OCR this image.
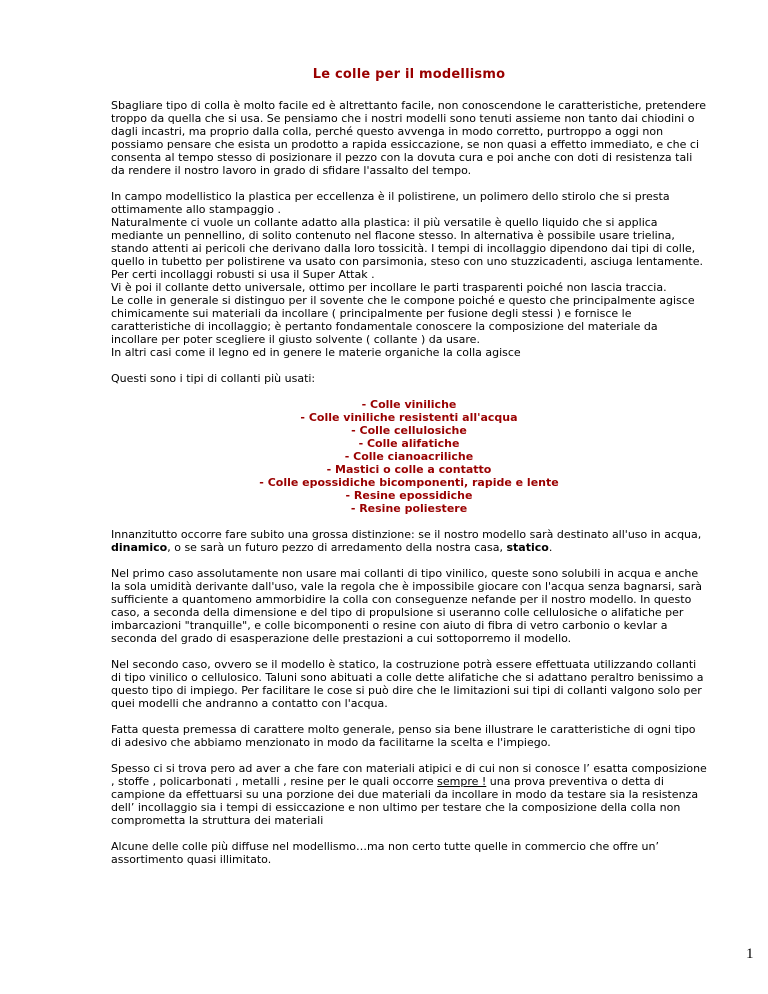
Le colle per il modellismo

Sbagliare tipo di colla è molto facile ed è altrettanto facile, non conoscendone le caratteristiche, pretendere troppo da quella che si usa. Se pensiamo che i nostri modelli sono tenuti assieme non tanto dai chiodini o dagli incastri, ma proprio dalla colla, perché questo avvenga in modo corretto, purtroppo a oggi non possiamo pensare che esista un prodotto a rapida essiccazione, se non quasi a effetto immediato, e che ci consenta al tempo stesso di posizionare il pezzo con la dovuta cura e poi anche con doti di resistenza tali da rendere il nostro lavoro in grado di sfidare l'assalto del tempo.

In campo modellistico la plastica per eccellenza è il polistirene, un polimero dello stirolo che si presta ottimamente allo stampaggio .
Naturalmente ci vuole un collante adatto alla plastica: il più versatile è quello liquido che si applica mediante un pennellino, di solito contenuto nel flacone stesso. In alternativa è possibile usare trielina, stando attenti ai pericoli che derivano dalla loro tossicità. I tempi di incollaggio dipendono dai tipi di colle, quello in tubetto per polistirene va usato con parsimonia, steso con uno stuzzicadenti, asciuga lentamente.
Per certi incollaggi robusti si usa il Super Attak .
Vi è poi il collante detto universale, ottimo per incollare le parti trasparenti poiché non lascia traccia.
Le colle in generale si distinguo per il sovente che le compone poiché e questo che principalmente agisce chimicamente sui materiali da incollare ( principalmente per fusione degli stessi ) e fornisce le caratteristiche di incollaggio; è pertanto fondamentale conoscere la composizione del materiale da incollare per poter scegliere il giusto solvente ( collante ) da usare.
In altri casi come il legno ed in genere le materie organiche la colla agisce

Questi sono i tipi di collanti più usati:

- Colle viniliche
- Colle viniliche resistenti all'acqua
- Colle cellulosiche
- Colle alifatiche
- Colle cianoacriliche
- Mastici o colle a contatto
- Colle epossidiche bicomponenti, rapide e lente
- Resine epossidiche
- Resine poliestere

Innanzitutto occorre fare subito una grossa distinzione: se il nostro modello sarà destinato all'uso in acqua, dinamico, o se sarà un futuro pezzo di arredamento della nostra casa, statico.

Nel primo caso assolutamente non usare mai collanti di tipo vinilico, queste sono solubili in acqua e anche la sola umidità derivante dall'uso, vale la regola che è impossibile giocare con l'acqua senza bagnarsi, sarà sufficiente a quantomeno ammorbidire la colla con conseguenze nefande per il nostro modello. In questo caso, a seconda della dimensione e del tipo di propulsione si useranno colle cellulosiche o alifatiche per imbarcazioni "tranquille", e colle bicomponenti o resine con aiuto di fibra di vetro carbonio o kevlar a seconda del grado di esasperazione delle prestazioni a cui sottoporremo il modello.

Nel secondo caso, ovvero se il modello è statico, la costruzione potrà essere effettuata utilizzando collanti di tipo vinilico o cellulosico. Taluni sono abituati a colle dette alifatiche che si adattano peraltro benissimo a questo tipo di impiego. Per facilitare le cose si può dire che le limitazioni sui tipi di collanti valgono solo per quei modelli che andranno a contatto con l'acqua.

Fatta questa premessa di carattere molto generale, penso sia bene illustrare le caratteristiche di ogni tipo di adesivo che abbiamo menzionato in modo da facilitarne la scelta e l'impiego.

Spesso ci si trova pero ad aver a che fare con materiali atipici e di cui non si conosce l’ esatta composizione , stoffe , policarbonati , metalli , resine per le quali occorre sempre ! una prova preventiva o detta di campione da effettuarsi su una porzione dei due materiali da incollare in modo da testare sia la resistenza dell’ incollaggio sia i tempi di essiccazione e non ultimo per testare che la composizione della colla non comprometta la struttura dei materiali

Alcune delle colle più diffuse nel modellismo…ma non certo tutte quelle in commercio che offre un’ assortimento quasi illimitato.

1
